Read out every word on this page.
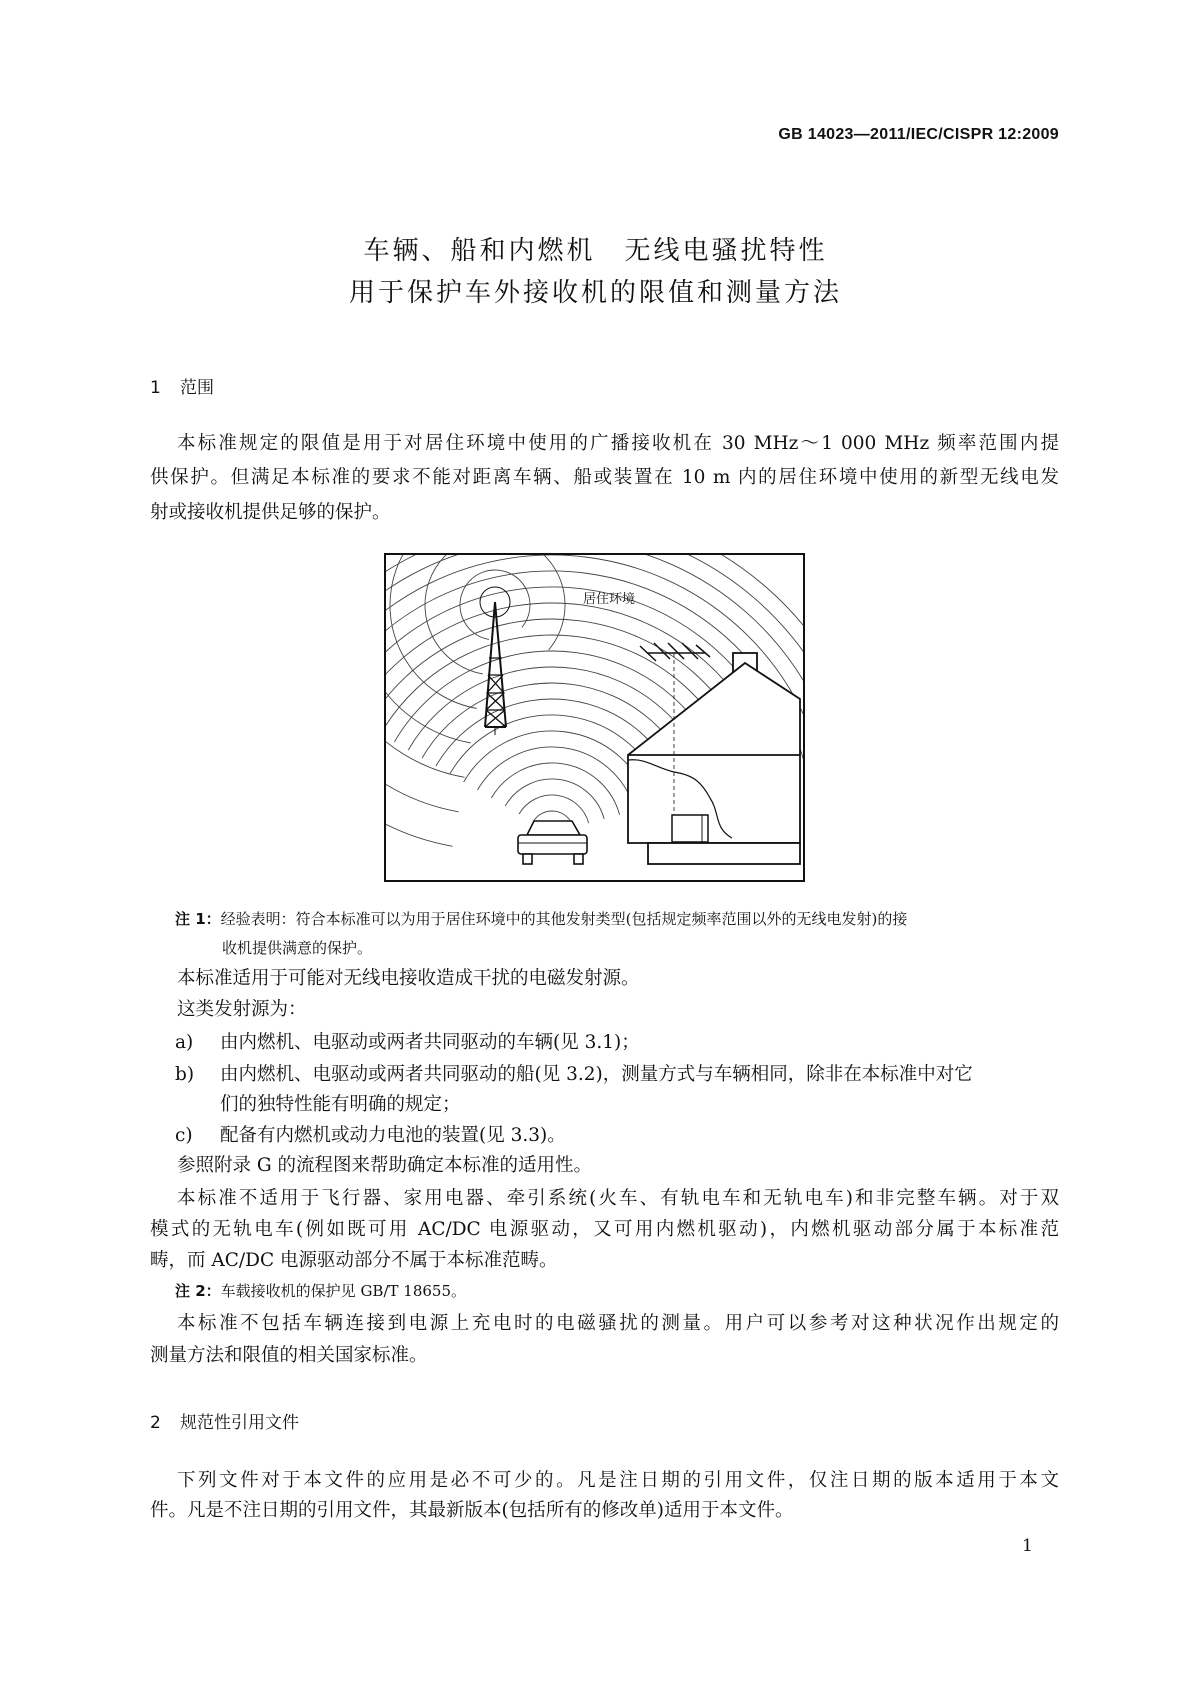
GB 14023—2011/IEC/CISPR 12:2009
车辆、船和内燃机　无线电骚扰特性
用于保护车外接收机的限值和测量方法
1 范围
本标准规定的限值是用于对居住环境中使用的广播接收机在 30 MHz～1 000 MHz 频率范围内提
供保护。但满足本标准的要求不能对距离车辆、船或装置在 10 m 内的居住环境中使用的新型无线电发
射或接收机提供足够的保护。
居住环境
注 1：经验表明：符合本标准可以为用于居住环境中的其他发射类型(包括规定频率范围以外的无线电发射)的接
收机提供满意的保护。
本标准适用于可能对无线电接收造成干扰的电磁发射源。
这类发射源为：
a) 由内燃机、电驱动或两者共同驱动的车辆(见 3.1)；
b) 由内燃机、电驱动或两者共同驱动的船(见 3.2)，测量方式与车辆相同，除非在本标准中对它
们的独特性能有明确的规定；
c) 配备有内燃机或动力电池的装置(见 3.3)。
参照附录 G 的流程图来帮助确定本标准的适用性。
本标准不适用于飞行器、家用电器、牵引系统(火车、有轨电车和无轨电车)和非完整车辆。对于双
模式的无轨电车(例如既可用 AC/DC 电源驱动，又可用内燃机驱动)，内燃机驱动部分属于本标准范
畴，而 AC/DC 电源驱动部分不属于本标准范畴。
注 2：车载接收机的保护见 GB/T 18655。
本标准不包括车辆连接到电源上充电时的电磁骚扰的测量。用户可以参考对这种状况作出规定的
测量方法和限值的相关国家标准。
2 规范性引用文件
下列文件对于本文件的应用是必不可少的。凡是注日期的引用文件，仅注日期的版本适用于本文
件。凡是不注日期的引用文件，其最新版本(包括所有的修改单)适用于本文件。
1
